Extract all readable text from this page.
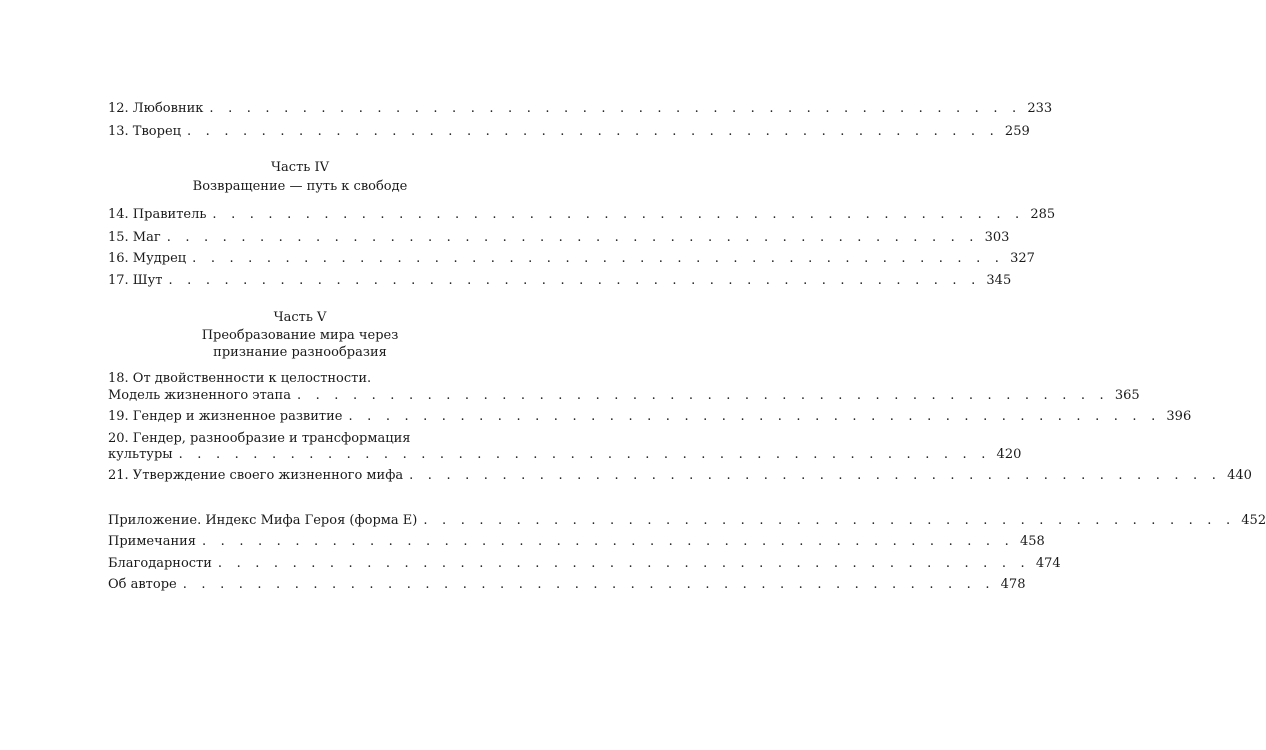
12. Любовник . . . . . . . . . . . . . . . . . . . . . . . . . . . . . . . . . . . . . . . . . . . . 233
13. Творец . . . . . . . . . . . . . . . . . . . . . . . . . . . . . . . . . . . . . . . . . . . . 259
Часть IV
Возвращение — путь к свободе
14. Правитель . . . . . . . . . . . . . . . . . . . . . . . . . . . . . . . . . . . . . . . . . . . . 285
15. Маг . . . . . . . . . . . . . . . . . . . . . . . . . . . . . . . . . . . . . . . . . . . . 303
16. Мудрец . . . . . . . . . . . . . . . . . . . . . . . . . . . . . . . . . . . . . . . . . . . . 327
17. Шут . . . . . . . . . . . . . . . . . . . . . . . . . . . . . . . . . . . . . . . . . . . . 345
Часть V
Преобразование мира через
признание разнообразия
18. От двойственности к целостности.
Модель жизненного этапа . . . . . . . . . . . . . . . . . . . . . . . . . . . . . . . . . . . . . . . . . . . . 365
19. Гендер и жизненное развитие . . . . . . . . . . . . . . . . . . . . . . . . . . . . . . . . . . . . . . . . . . . . 396
20. Гендер, разнообразие и трансформация
культуры . . . . . . . . . . . . . . . . . . . . . . . . . . . . . . . . . . . . . . . . . . . . 420
21. Утверждение своего жизненного мифа . . . . . . . . . . . . . . . . . . . . . . . . . . . . . . . . . . . . . . . . . . . . 440
Приложение. Индекс Мифа Героя (форма E) . . . . . . . . . . . . . . . . . . . . . . . . . . . . . . . . . . . . . . . . . . . . 452
Примечания . . . . . . . . . . . . . . . . . . . . . . . . . . . . . . . . . . . . . . . . . . . . 458
Благодарности . . . . . . . . . . . . . . . . . . . . . . . . . . . . . . . . . . . . . . . . . . . . 474
Об авторе . . . . . . . . . . . . . . . . . . . . . . . . . . . . . . . . . . . . . . . . . . . . 478
